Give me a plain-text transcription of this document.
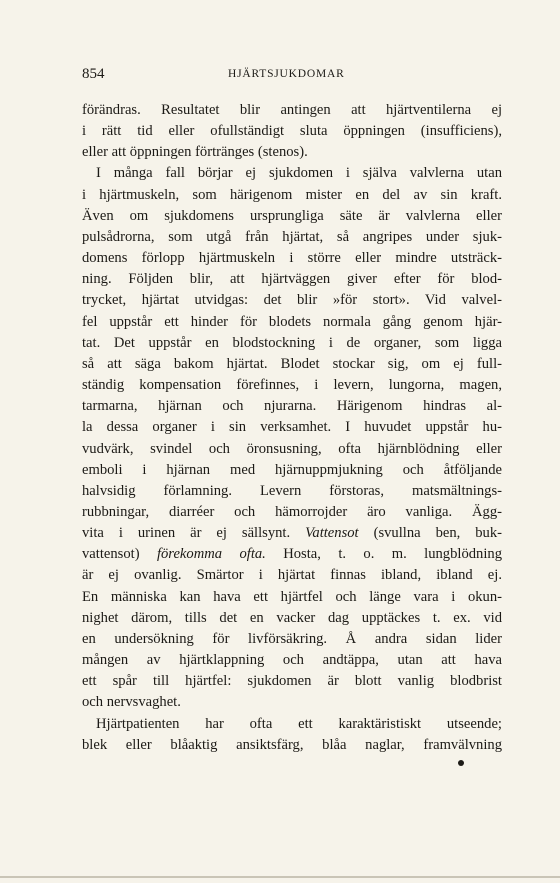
854	HJÄRTSJUKDOMAR
förändras. Resultatet blir antingen att hjärtventilerna ej
i rätt tid eller ofullständigt sluta öppningen (insufficiens),
eller att öppningen förtränges (stenos).
I många fall börjar ej sjukdomen i själva valvlerna utan
i hjärtmuskeln, som härigenom mister en del av sin kraft.
Även om sjukdomens ursprungliga säte är valvlerna eller
pulsådrorna, som utgå från hjärtat, så angripes under sjuk-
domens förlopp hjärtmuskeln i större eller mindre utsträck-
ning. Följden blir, att hjärtväggen giver efter för blod-
trycket, hjärtat utvidgas: det blir »för stort». Vid valvel-
fel uppstår ett hinder för blodets normala gång genom hjär-
tat. Det uppstår en blodstockning i de organer, som ligga
så att säga bakom hjärtat. Blodet stockar sig, om ej full-
ständig kompensation förefinnes, i levern, lungorna, magen,
tarmarna, hjärnan och njurarna. Härigenom hindras al-
la dessa organer i sin verksamhet. I huvudet uppstår hu-
vudvärk, svindel och öronsusning, ofta hjärnblödning eller
emboli i hjärnan med hjärnuppmjukning och åtföljande
halvsidig förlamning. Levern förstoras, matsmältnings-
rubbningar, diarréer och hämorrojder äro vanliga. Ägg-
vita i urinen är ej sällsynt. Vattensot (svullna ben, buk-
vattensot) förekomma ofta. Hosta, t. o. m. lungblödning
är ej ovanlig. Smärtor i hjärtat finnas ibland, ibland ej.
En människa kan hava ett hjärtfel och länge vara i okun-
nighet därom, tills det en vacker dag upptäckes t. ex. vid
en undersökning för livförsäkring. Å andra sidan lider
mången av hjärtklappning och andtäppa, utan att hava
ett spår till hjärtfel: sjukdomen är blott vanlig blodbrist
och nervsvaghet.
Hjärtpatienten har ofta ett karaktäristiskt utseende;
blek eller blåaktig ansiktsfärg, blåa naglar, framvälvning
